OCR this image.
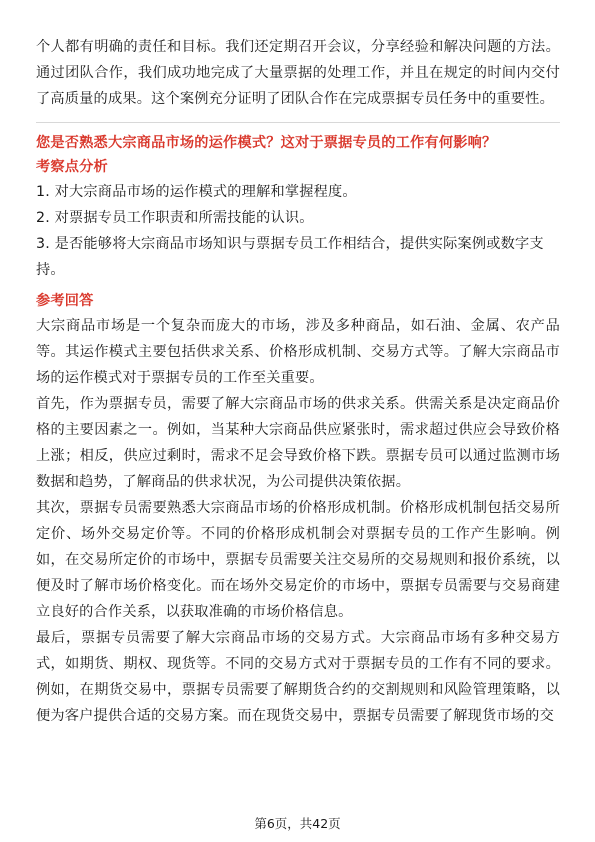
个人都有明确的责任和目标。我们还定期召开会议，分享经验和解决问题的方法。通过团队合作，我们成功地完成了大量票据的处理工作，并且在规定的时间内交付了高质量的成果。这个案例充分证明了团队合作在完成票据专员任务中的重要性。

您是否熟悉大宗商品市场的运作模式？这对于票据专员的工作有何影响？

考察点分析

1. 对大宗商品市场的运作模式的理解和掌握程度。

2. 对票据专员工作职责和所需技能的认识。

3. 是否能够将大宗商品市场知识与票据专员工作相结合，提供实际案例或数字支持。

参考回答

大宗商品市场是一个复杂而庞大的市场，涉及多种商品，如石油、金属、农产品等。其运作模式主要包括供求关系、价格形成机制、交易方式等。了解大宗商品市场的运作模式对于票据专员的工作至关重要。

首先，作为票据专员，需要了解大宗商品市场的供求关系。供需关系是决定商品价格的主要因素之一。例如，当某种大宗商品供应紧张时，需求超过供应会导致价格上涨；相反，供应过剩时，需求不足会导致价格下跌。票据专员可以通过监测市场数据和趋势，了解商品的供求状况，为公司提供决策依据。

其次，票据专员需要熟悉大宗商品市场的价格形成机制。价格形成机制包括交易所定价、场外交易定价等。不同的价格形成机制会对票据专员的工作产生影响。例如，在交易所定价的市场中，票据专员需要关注交易所的交易规则和报价系统，以便及时了解市场价格变化。而在场外交易定价的市场中，票据专员需要与交易商建立良好的合作关系，以获取准确的市场价格信息。

最后，票据专员需要了解大宗商品市场的交易方式。大宗商品市场有多种交易方式，如期货、期权、现货等。不同的交易方式对于票据专员的工作有不同的要求。例如，在期货交易中，票据专员需要了解期货合约的交割规则和风险管理策略，以便为客户提供合适的交易方案。而在现货交易中，票据专员需要了解现货市场的交

第6页，共42页
